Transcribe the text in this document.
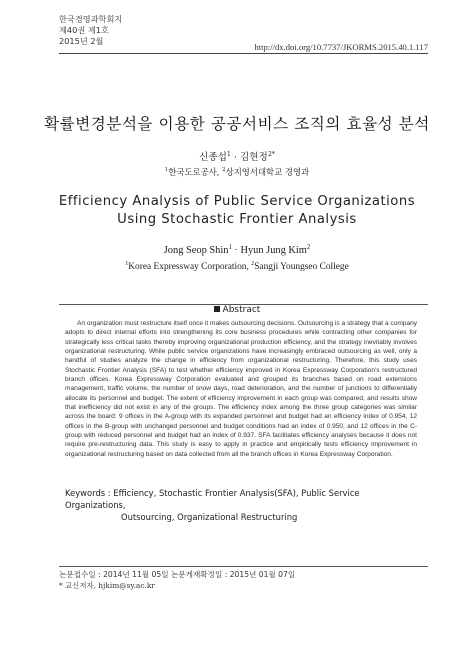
한국경영과학회지
제40권 제1호
2015년 2월
http://dx.doi.org/10.7737/JKORMS.2015.40.1.117
확률변경분석을 이용한 공공서비스 조직의 효율성 분석
신종섭$^1$ · 김현정$^{2*}$
$^1$한국도로공사, $^2$상지영서대학교 경영과
Efficiency Analysis of Public Service Organizations
Using Stochastic Frontier Analysis
Jong Seop Shin$^1$ · Hyun Jung Kim$^2$
$^1$Korea Expressway Corporation, $^2$Sangji Youngseo College
Abstract

An organization must restructure itself once it makes outsourcing decisions. Outsourcing is a strategy that a company adopts to direct internal efforts into strengthening its core business procedures while contracting other companies for strategically less critical tasks thereby improving organizational production efficiency, and the strategy inevitably involves organizational restructuring. While public service organizations have increasingly embraced outsourcing as well, only a handful of studies analyze the change in efficiency from organizational restructuring. Therefore, this study uses Stochastic Frontier Analysis (SFA) to test whether efficiency improved in Korea Expressway Corporation's restructured branch offices. Korea Expressway Corporation evaluated and grouped its branches based on road extensions management, traffic volume, the number of snow days, road deterioration, and the number of junctions to differentially allocate its personnel and budget. The extent of efficiency improvement in each group was compared, and results show that inefficiency did not exist in any of the groups. The efficiency index among the three group categories was similar across the board: 9 offices in the A-group with its expanded personnel and budget had an efficiency index of 0.954, 12 offices in the B-group with unchanged personnel and budget conditions had an index of 0.950, and 12 offices in the C-group with reduced personnel and budget had an index of 0.937. SFA facilitates efficiency analyses because it does not require pre-restructuring data. This study is easy to apply in practice and empirically tests efficiency improvement in organizational restructuring based on data collected from all the branch offices in Korea Expressway Corporation.

Keywords : Efficiency, Stochastic Frontier Analysis(SFA), Public Service Organizations,
Outsourcing, Organizational Restructuring
논문접수일 : 2014년 11월 05일 논문게재확정일 : 2015년 01월 07일
* 교신저자, hjkim@sy.ac.kr
